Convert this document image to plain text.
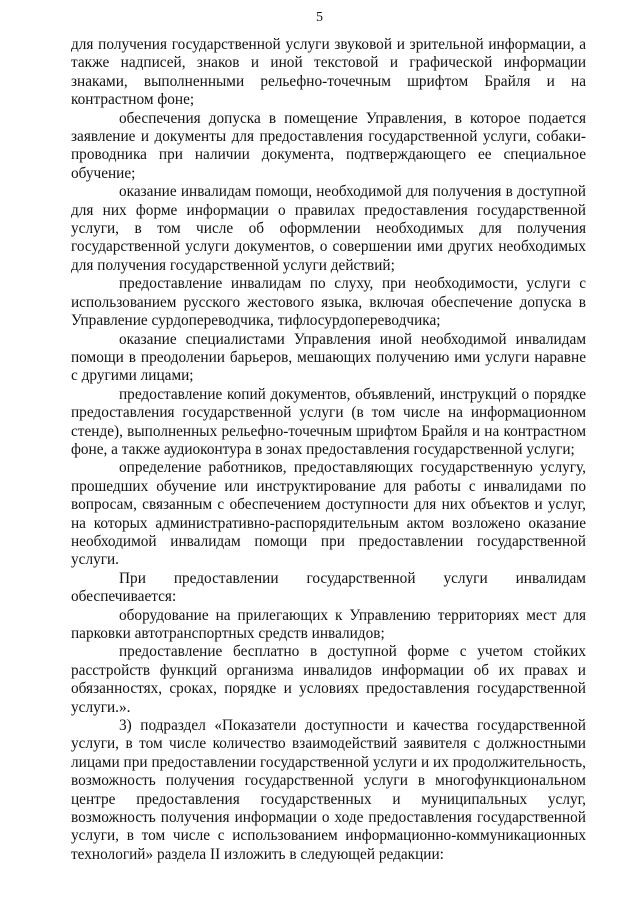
5

для получения государственной услуги звуковой и зрительной информации, а также надписей, знаков и иной текстовой и графической информации знаками, выполненными рельефно-точечным шрифтом Брайля и на контрастном фоне;

обеспечения допуска в помещение Управления, в которое подается заявление и документы для предоставления государственной услуги, собаки-проводника при наличии документа, подтверждающего ее специальное обучение;

оказание инвалидам помощи, необходимой для получения в доступной для них форме информации о правилах предоставления государственной услуги, в том числе об оформлении необходимых для получения государственной услуги документов, о совершении ими других необходимых для получения государственной услуги действий;

предоставление инвалидам по слуху, при необходимости, услуги с использованием русского жестового языка, включая обеспечение допуска в Управление сурдопереводчика, тифлосурдопереводчика;

оказание специалистами Управления иной необходимой инвалидам помощи в преодолении барьеров, мешающих получению ими услуги наравне с другими лицами;

предоставление копий документов, объявлений, инструкций о порядке предоставления государственной услуги (в том числе на информационном стенде), выполненных рельефно-точечным шрифтом Брайля и на контрастном фоне, а также аудиоконтура в зонах предоставления государственной услуги;

определение работников, предоставляющих государственную услугу, прошедших обучение или инструктирование для работы с инвалидами по вопросам, связанным с обеспечением доступности для них объектов и услуг, на которых административно-распорядительным актом возложено оказание необходимой инвалидам помощи при предоставлении государственной услуги.

При предоставлении государственной услуги инвалидам обеспечивается:

оборудование на прилегающих к Управлению территориях мест для парковки автотранспортных средств инвалидов;

предоставление бесплатно в доступной форме с учетом стойких расстройств функций организма инвалидов информации об их правах и обязанностях, сроках, порядке и условиях предоставления государственной услуги.».

3) подраздел «Показатели доступности и качества государственной услуги, в том числе количество взаимодействий заявителя с должностными лицами при предоставлении государственной услуги и их продолжительность, возможность получения государственной услуги в многофункциональном центре предоставления государственных и муниципальных услуг, возможность получения информации о ходе предоставления государственной услуги, в том числе с использованием информационно-коммуникационных технологий» раздела II изложить в следующей редакции:
